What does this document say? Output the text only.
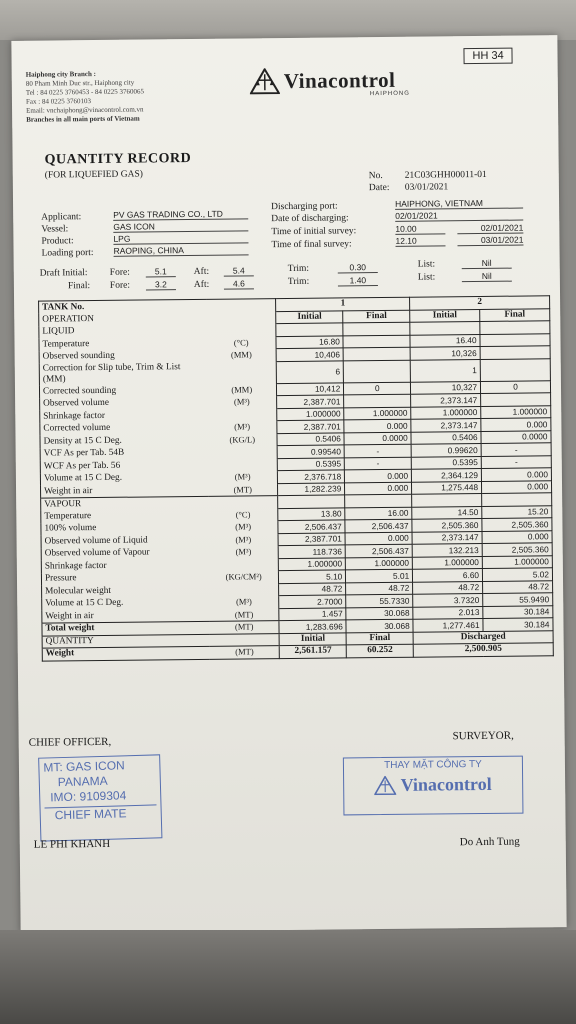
HH 34
Haiphong city Branch :
80 Pham Minh Duc str., Haiphong city
Tel : 84 0225 3760453 - 84 0225 3760065
Fax : 84 0225 3760103
Email: vnchaiphong@vinacontrol.com.vn
Branches in all main ports of Vietnam
Vinacontrol
HAIPHONG
QUANTITY RECORD
(FOR LIQUEFIED GAS)	No. 21C03GHH00011-01
Date: 03/01/2021
Applicant:	PV GAS TRADING CO., LTD
Vessel:	GAS ICON
Product:	LPG
Loading port: RAOPING, CHINA
Discharging port:	HAIPHONG, VIETNAM
Date of discharging:	02/01/2021
Time of initial survey:	10.00	02/01/2021
Time of final survey:	12.10	03/01/2021
Draft Initial: Fore:	5.1	Aft:	5.4	Trim:	0.30	List:	Nil
Final: Fore:	3.2	Aft:	4.6	Trim:	1.40	List:	Nil
TANK No.		1		2	
OPERATION		Initial	Final	Initial	Final
LIQUID					
Temperature	(°C)	16.80		16.40	
Observed sounding	(MM)	10,406		10,326	
Correction for Slip tube, Trim & List (MM)		6		1	
Corrected sounding	(MM)	10,412	0	10,327	0
Observed volume	(M³)	2,387.701		2,373.147	
Shrinkage factor		1.000000	1.000000	1.000000	1.000000
Corrected volume	(M³)	2,387.701	0.000	2,373.147	0.000
Density at 15 C Deg.	(KG/L)	0.5406	0.0000	0.5406	0.0000
VCF As per Tab. 54B		0.99540	-	0.99620	-
WCF As per Tab. 56		0.5395	-	0.5395	-
Volume at 15 C Deg.	(M³)	2,376.718	0.000	2,364.129	0.000
Weight in air	(MT)	1,282.239	0.000	1,275.448	0.000
VAPOUR					
Temperature	(°C)	13.80	16.00	14.50	15.20
100% volume	(M³)	2,506.437	2,506.437	2,505.360	2,505.360
Observed volume of Liquid	(M³)	2,387.701	0.000	2,373.147	0.000
Observed volume of Vapour	(M³)	118.736	2,506.437	132.213	2,505.360
Shrinkage factor		1.000000	1.000000	1.000000	1.000000
Pressure	(KG/CM²)	5.10	5.01	6.60	5.02
Molecular weight		48.72	48.72	48.72	48.72
Volume at 15 C Deg.	(M³)	2.7000	55.7330	3.7320	55.9490
Weight in air	(MT)	1.457	30.068	2.013	30.184
Total weight	(MT)	1,283.696	30.068	1,277.461	30.184
QUANTITY		Initial	Final	Discharged	
Weight	(MT)	2,561.157	60.252	2,500.905	
CHIEF OFFICER,	SURVEYOR,
MT: GAS ICON
PANAMA
IMO: 9109304
CHIEF MATE
THAY MẶT CÔNG TY
Vinacontrol
LE PHI KHANH	Do Anh Tung
